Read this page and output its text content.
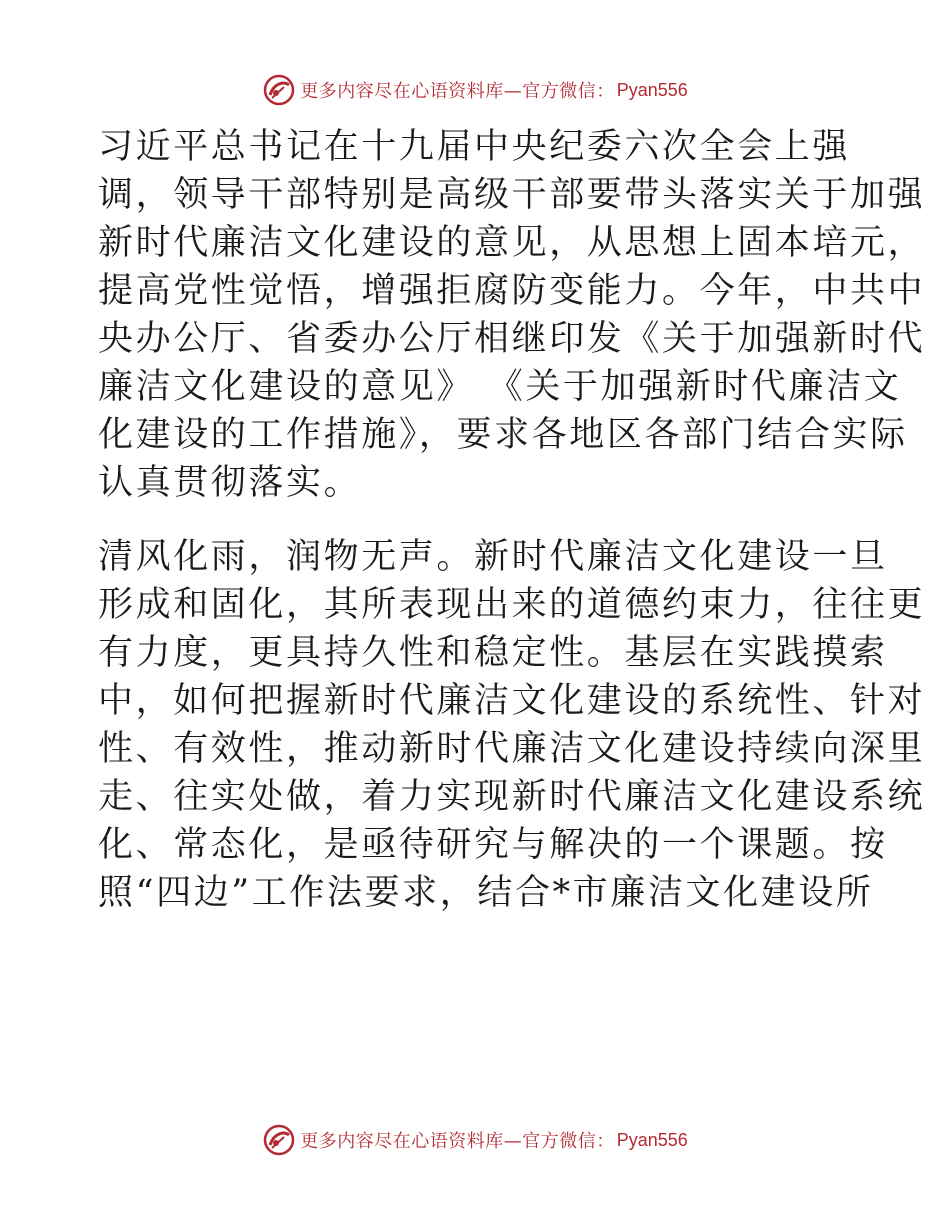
更多内容尽在心语资料库—官方微信： Pyan556
习近平总书记在十九届中央纪委六次全会上强
调，领导干部特别是高级干部要带头落实关于加强
新时代廉洁文化建设的意见，从思想上固本培元，
提高党性觉悟，增强拒腐防变能力。今年，中共中
央办公厅、省委办公厅相继印发《关于加强新时代
廉洁文化建设的意见》 《关于加强新时代廉洁文
化建设的工作措施》，要求各地区各部门结合实际
认真贯彻落实。
清风化雨，润物无声。新时代廉洁文化建设一旦
形成和固化，其所表现出来的道德约束力，往往更
有力度，更具持久性和稳定性。基层在实践摸索
中，如何把握新时代廉洁文化建设的系统性、针对
性、有效性，推动新时代廉洁文化建设持续向深里
走、往实处做，着力实现新时代廉洁文化建设系统
化、常态化，是亟待研究与解决的一个课题。按
照“四边”工作法要求，结合*市廉洁文化建设所
更多内容尽在心语资料库—官方微信： Pyan556
